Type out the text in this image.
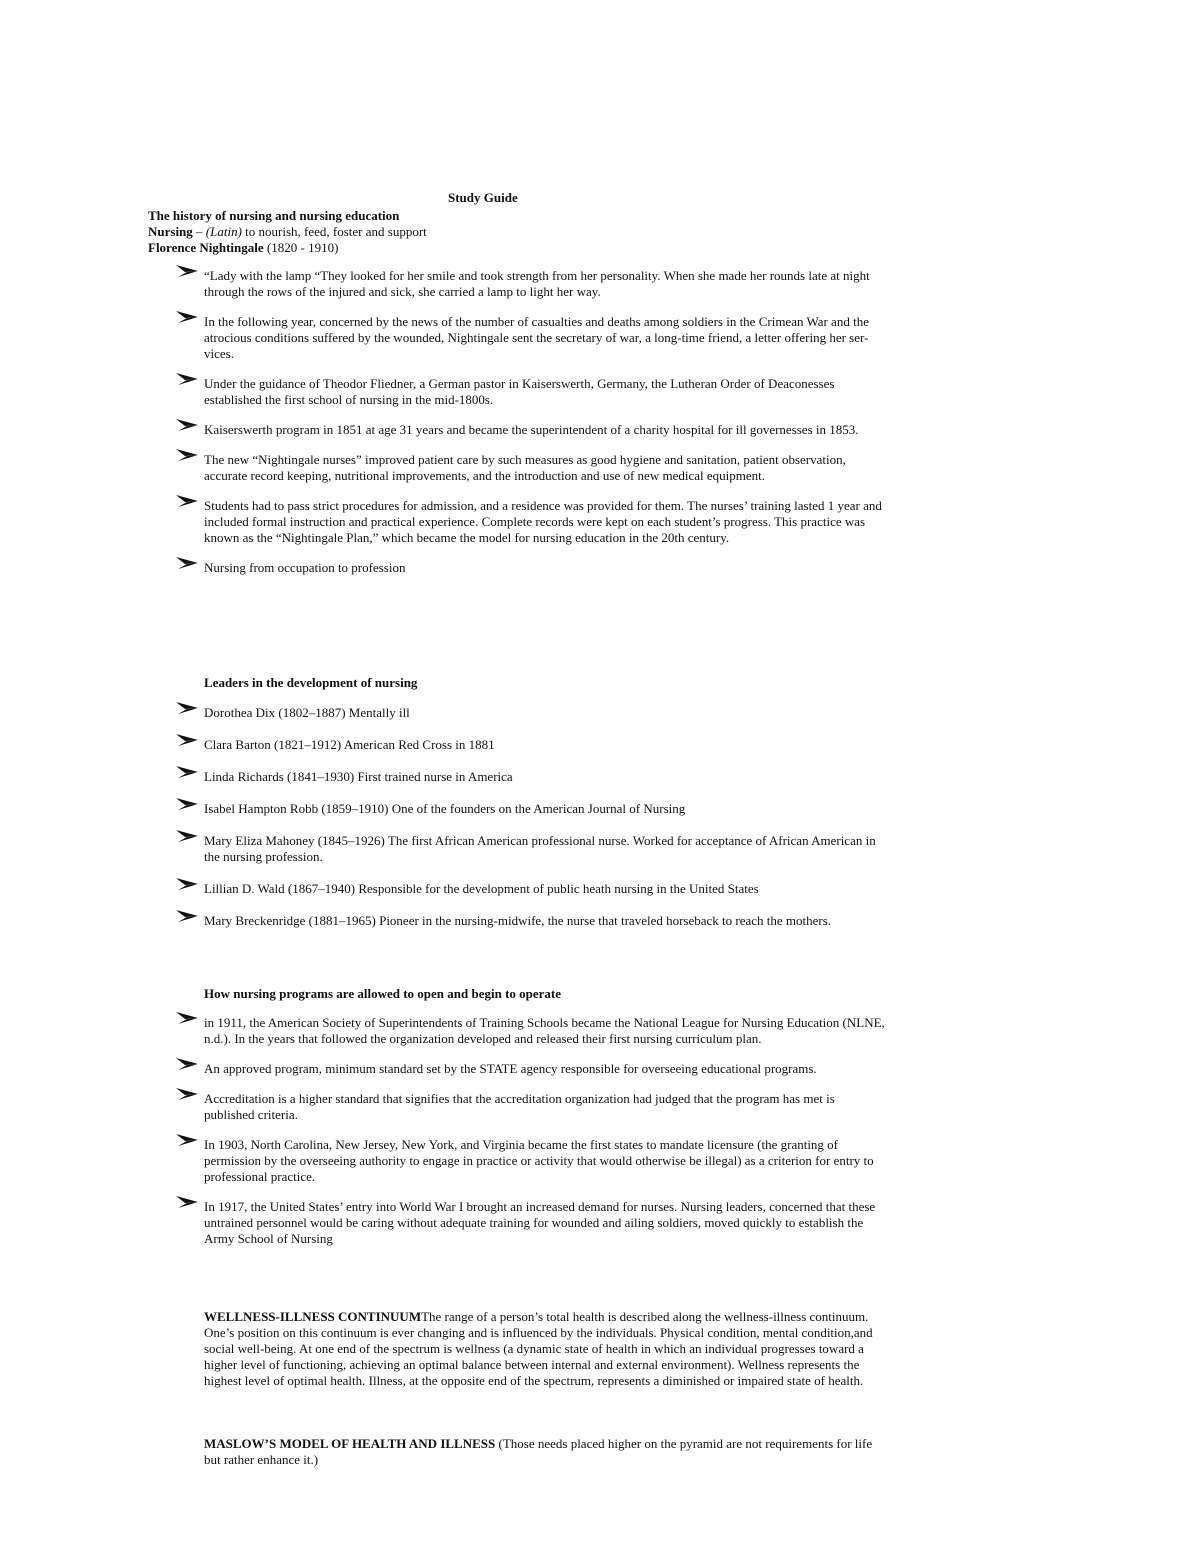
Study Guide
The history of nursing and nursing education
Nursing – (Latin) to nourish, feed, foster and support
Florence Nightingale (1820 - 1910)
“Lady with the lamp “They looked for her smile and took strength from her personality. When she made her rounds late at night through the rows of the injured and sick, she carried a lamp to light her way.
In the following year, concerned by the news of the number of casualties and deaths among soldiers in the Crimean War and the atrocious conditions suffered by the wounded, Nightingale sent the secretary of war, a long-time friend, a letter offering her ser-vices.
Under the guidance of Theodor Fliedner, a German pastor in Kaiserswerth, Germany, the Lutheran Order of Deaconesses established the first school of nursing in the mid-1800s.
Kaiserswerth program in 1851 at age 31 years and became the superintendent of a charity hospital for ill governesses in 1853.
The new “Nightingale nurses” improved patient care by such measures as good hygiene and sanitation, patient observation, accurate record keeping, nutritional improvements, and the introduction and use of new medical equipment.
Students had to pass strict procedures for admission, and a residence was provided for them. The nurses’ training lasted 1 year and included formal instruction and practical experience. Complete records were kept on each student’s progress. This practice was known as the “Nightingale Plan,” which became the model for nursing education in the 20th century.
Nursing from occupation to profession
Leaders in the development of nursing
Dorothea Dix (1802–1887) Mentally ill
Clara Barton (1821–1912) American Red Cross in 1881
Linda Richards (1841–1930) First trained nurse in America
Isabel Hampton Robb (1859–1910) One of the founders on the American Journal of Nursing
Mary Eliza Mahoney (1845–1926) The first African American professional nurse. Worked for acceptance of African American in the nursing profession.
Lillian D. Wald (1867–1940) Responsible for the development of public heath nursing in the United States
Mary Breckenridge (1881–1965) Pioneer in the nursing-midwife, the nurse that traveled horseback to reach the mothers.
How nursing programs are allowed to open and begin to operate
in 1911, the American Society of Superintendents of Training Schools became the National League for Nursing Education (NLNE, n.d.). In the years that followed the organization developed and released their first nursing curriculum plan.
An approved program, minimum standard set by the STATE agency responsible for overseeing educational programs.
Accreditation is a higher standard that signifies that the accreditation organization had judged that the program has met is published criteria.
In 1903, North Carolina, New Jersey, New York, and Virginia became the first states to mandate licensure (the granting of permission by the overseeing authority to engage in practice or activity that would otherwise be illegal) as a criterion for entry to professional practice.
In 1917, the United States’ entry into World War I brought an increased demand for nurses. Nursing leaders, concerned that these untrained personnel would be caring without adequate training for wounded and ailing soldiers, moved quickly to establish the Army School of Nursing
WELLNESS-ILLNESS CONTINUUMThe range of a person’s total health is described along the wellness-illness continuum. One’s position on this continuum is ever changing and is influenced by the individuals. Physical condition, mental condition,and social well-being. At one end of the spectrum is wellness (a dynamic state of health in which an individual progresses toward a higher level of functioning, achieving an optimal balance between internal and external environment). Wellness represents the highest level of optimal health. Illness, at the opposite end of the spectrum, represents a diminished or impaired state of health.
MASLOW’S MODEL OF HEALTH AND ILLNESS (Those needs placed higher on the pyramid are not requirements for life but rather enhance it.)
